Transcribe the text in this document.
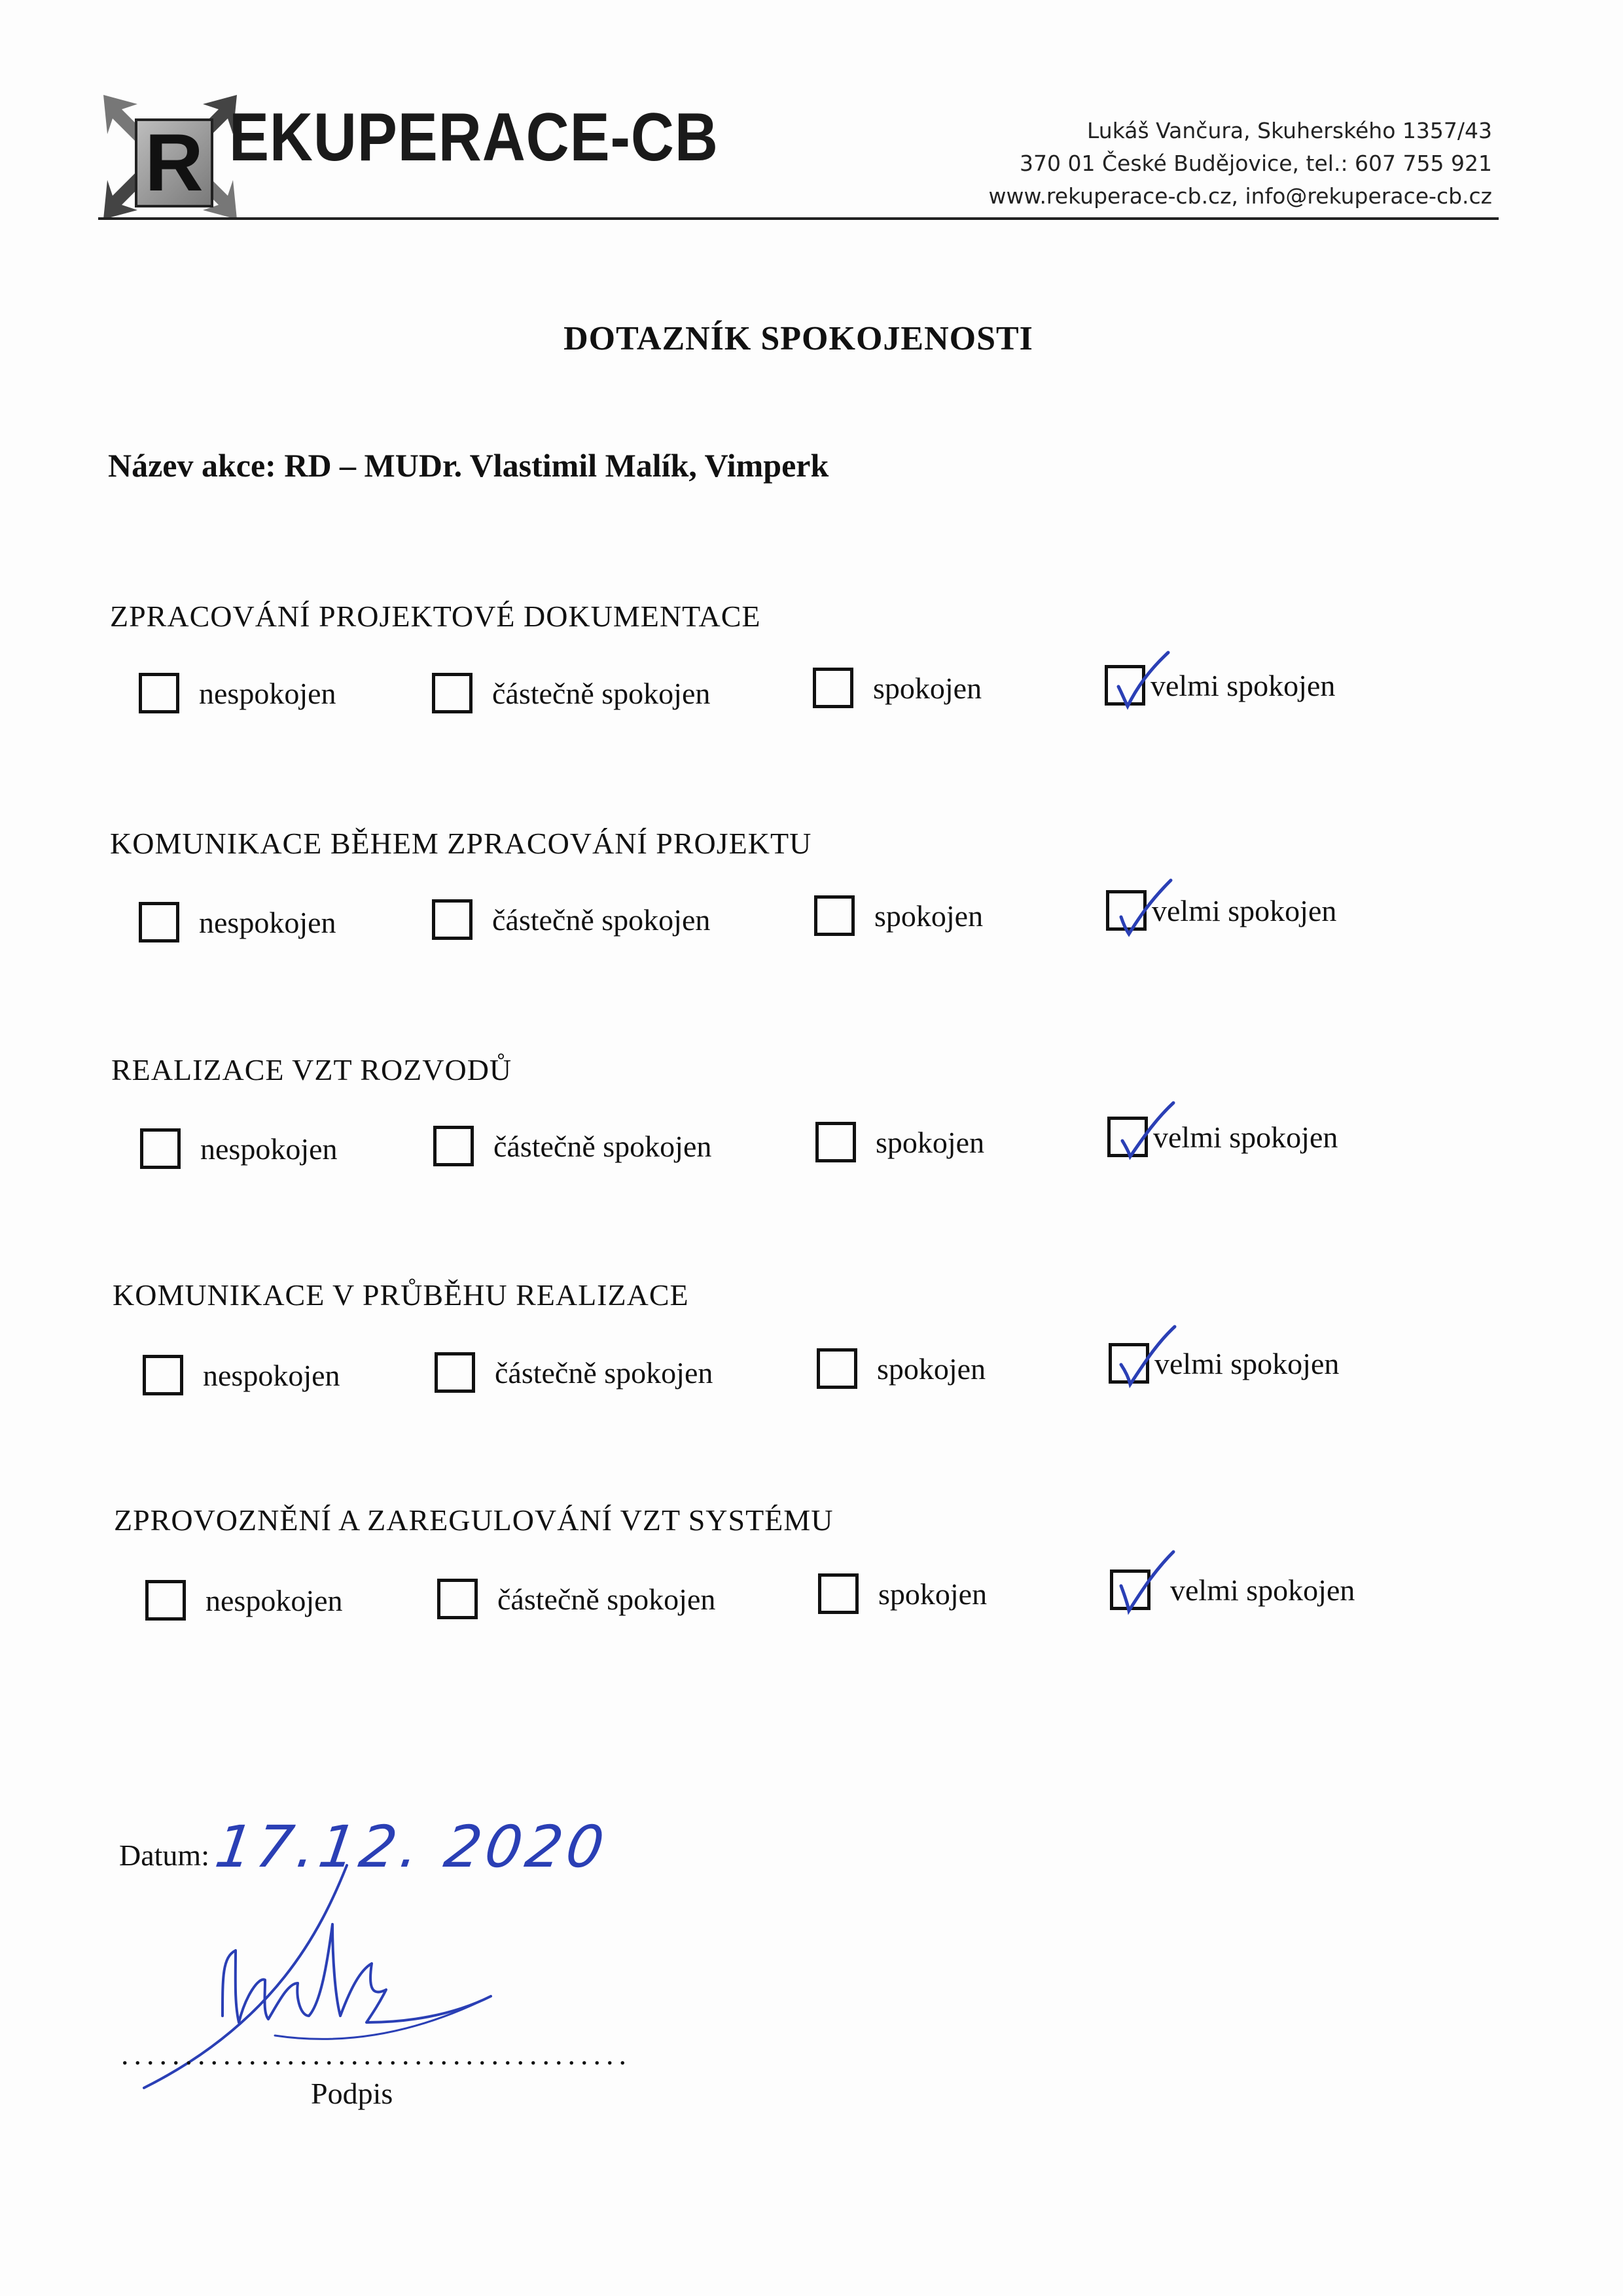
R EKUPERACE-CB	Lukáš Vančura, Skuherského 1357/43
370 01 České Budějovice, tel.: 607 755 921
www.rekuperace-cb.cz, info@rekuperace-cb.cz
DOTAZNÍK SPOKOJENOSTI
Název akce: RD – MUDr. Vlastimil Malík, Vimperk
ZPRACOVÁNÍ PROJEKTOVÉ DOKUMENTACE
nespokojen	částečně spokojen	spokojen	velmi spokojen
KOMUNIKACE BĚHEM ZPRACOVÁNÍ PROJEKTU
nespokojen	částečně spokojen	spokojen	velmi spokojen
REALIZACE VZT ROZVODŮ
nespokojen	částečně spokojen	spokojen	velmi spokojen
KOMUNIKACE V PRŮBĚHU REALIZACE
nespokojen	částečně spokojen	spokojen	velmi spokojen
ZPROVOZNĚNÍ A ZAREGULOVÁNÍ VZT SYSTÉMU
nespokojen	částečně spokojen	spokojen	velmi spokojen
Datum: 17.12. 2020
........................................
Podpis
